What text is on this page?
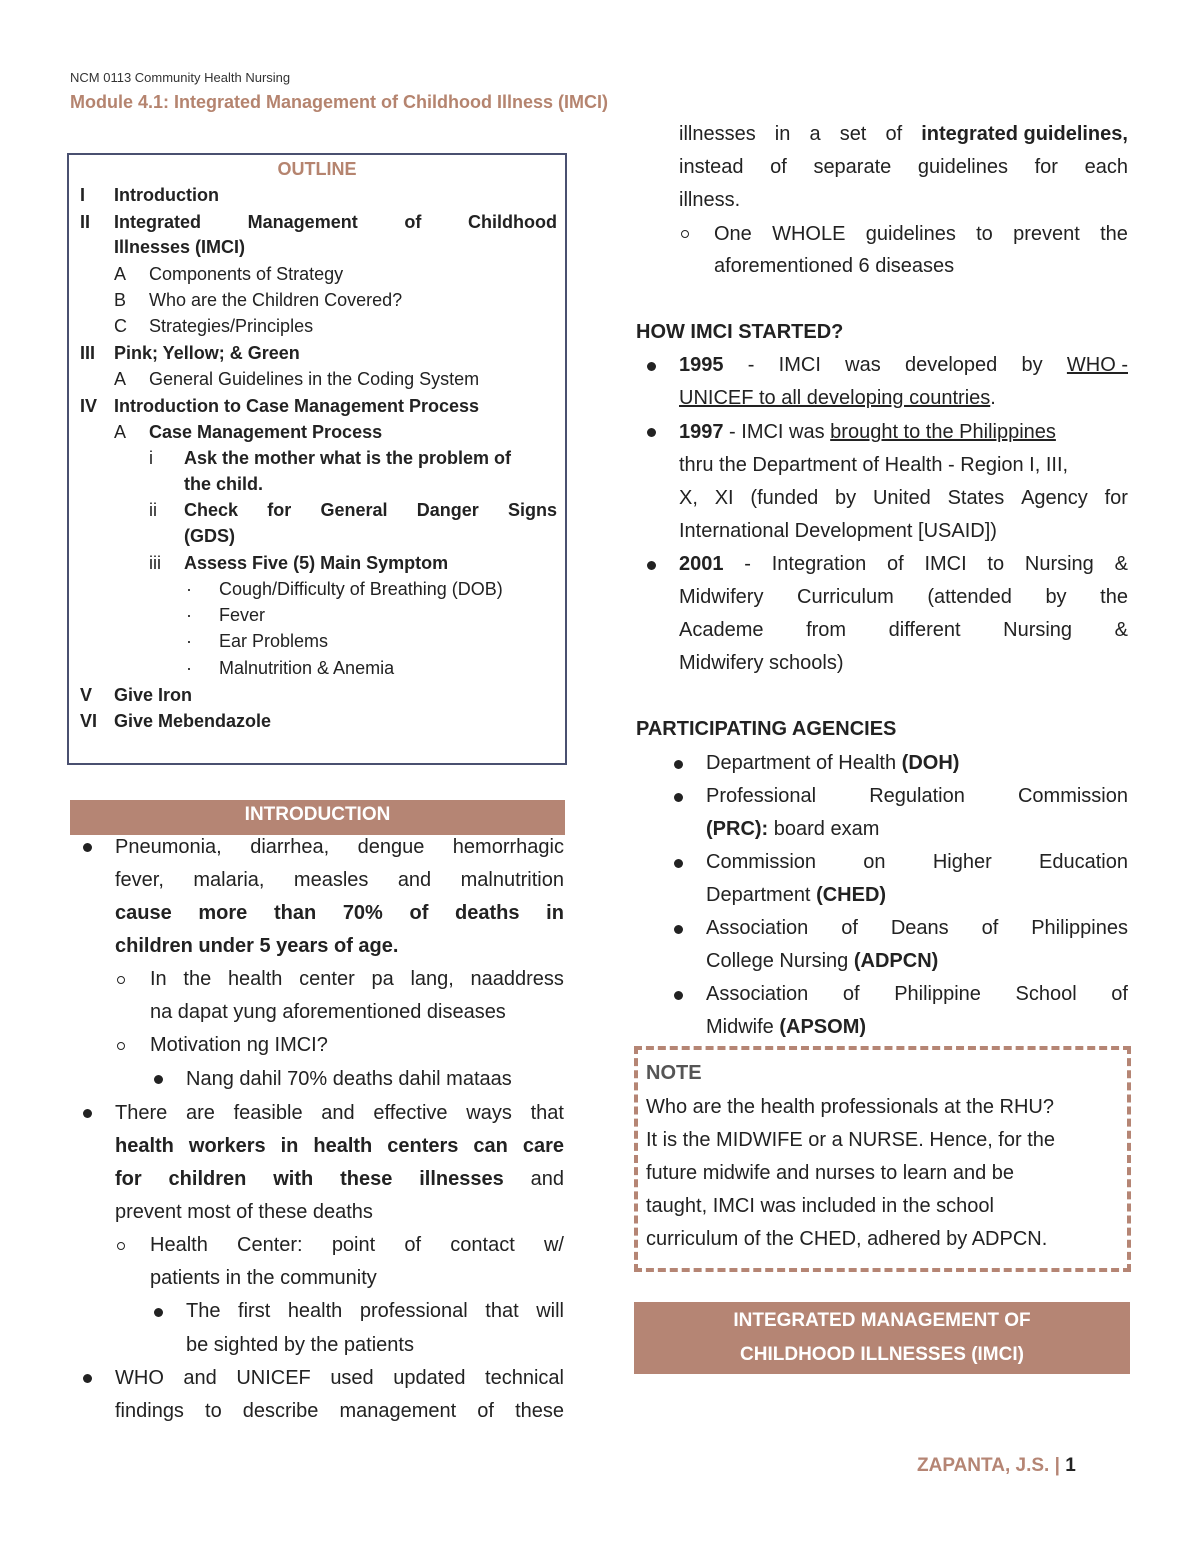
NCM 0113 Community Health Nursing
Module 4.1: Integrated Management of Childhood Illness (IMCI)
OUTLINE
I Introduction
II Integrated	Management	of	Childhood
Illnesses (IMCI)
A Components of Strategy
B Who are the Children Covered?
C Strategies/Principles
III Pink; Yellow; & Green
A General Guidelines in the Coding System
IV Introduction to Case Management Process
A Case Management Process
i Ask the mother what is the problem of
the child.
ii Check for General Danger Signs
(GDS)
iii Assess Five (5) Main Symptom
· Cough/Difficulty of Breathing (DOB)
· Fever
· Ear Problems
· Malnutrition & Anemia
V Give Iron
VI Give Mebendazole
INTRODUCTION
Pneumonia, diarrhea, dengue hemorrhagic
fever, malaria, measles and malnutrition
cause more than 70% of deaths in
children under 5 years of age.
In the health center pa lang, naaddress
na dapat yung aforementioned diseases
Motivation ng IMCI?
Nang dahil 70% deaths dahil mataas
There are feasible and effective ways that
health workers in health centers can care
for children with these illnesses and
prevent most of these deaths
Health Center: point of contact w/
patients in the community
The first health professional that will
be sighted by the patients
WHO and UNICEF used updated technical
findings to describe management of these
illnesses in a set of integrated guidelines,
instead of separate guidelines for each
illness.
One WHOLE guidelines to prevent the
aforementioned 6 diseases
HOW IMCI STARTED?
1995 - IMCI was developed by WHO -
UNICEF to all developing countries.
1997 - IMCI was brought to the Philippines
thru the Department of Health - Region I, III,
X, XI (funded by United States Agency for
International Development [USAID])
2001 - Integration of IMCI to Nursing &
Midwifery Curriculum (attended by the
Academe from different Nursing &
Midwifery schools)
PARTICIPATING AGENCIES
Department of Health (DOH)
Professional	Regulation	Commission
(PRC): board exam
Commission on Higher Education
Department (CHED)
Association of Deans of Philippines
College Nursing (ADPCN)
Association of Philippine School of
Midwife (APSOM)
NOTE
Who are the health professionals at the RHU?
It is the MIDWIFE or a NURSE. Hence, for the
future midwife and nurses to learn and be
taught, IMCI was included in the school
curriculum of the CHED, adhered by ADPCN.
INTEGRATED MANAGEMENT OF
CHILDHOOD ILLNESSES (IMCI)
ZAPANTA, J.S. | 1
